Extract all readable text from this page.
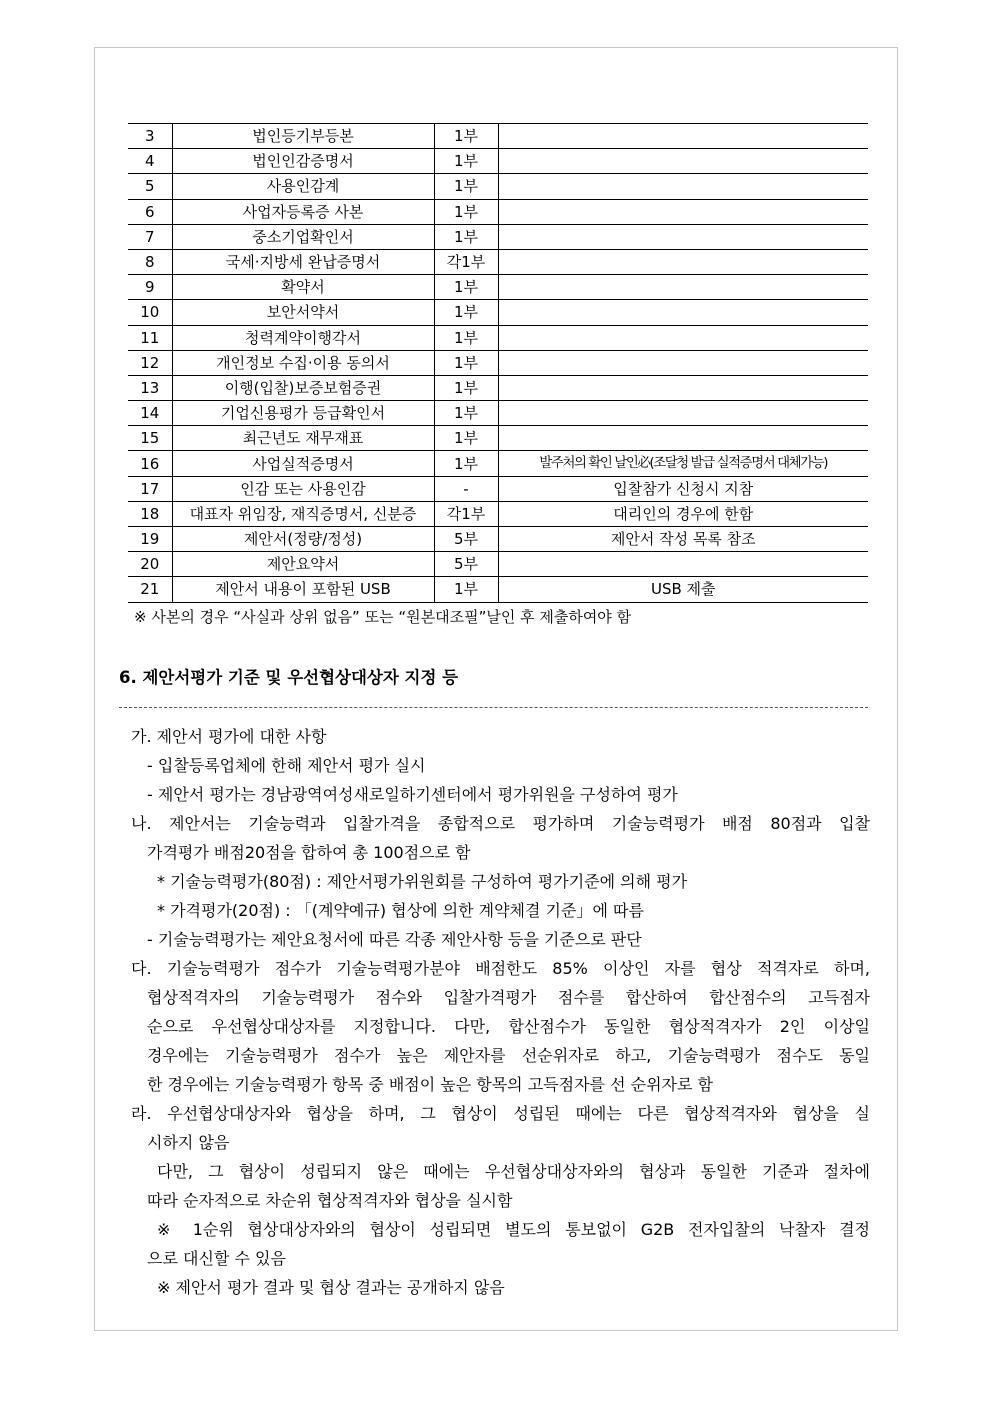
3	법인등기부등본	1부	
4	법인인감증명서	1부	
5	사용인감계	1부	
6	사업자등록증 사본	1부	
7	중소기업확인서	1부	
8	국세·지방세 완납증명서	각1부	
9	확약서	1부	
10	보안서약서	1부	
11	청력계약이행각서	1부	
12	개인정보 수집·이용 동의서	1부	
13	이행(입찰)보증보험증권	1부	
14	기업신용평가 등급확인서	1부	
15	최근년도 재무재표	1부	
16	사업실적증명서	1부	발주처의 확인 날인必(조달청 발급 실적증명서 대체가능)
17	인감 또는 사용인감	-	입찰참가 신청시 지참
18	대표자 위임장, 재직증명서, 신분증	각1부	대리인의 경우에 한함
19	제안서(정량/정성)	5부	제안서 작성 목록 참조
20	제안요약서	5부	
21	제안서 내용이 포함된 USB	1부	USB 제출
※ 사본의 경우 “사실과 상위 없음” 또는 “원본대조필”날인 후 제출하여야 함
6. 제안서평가 기준 및 우선협상대상자 지정 등
가. 제안서 평가에 대한 사항
- 입찰등록업체에 한해 제안서 평가 실시
- 제안서 평가는 경남광역여성새로일하기센터에서 평가위원을 구성하여 평가
나. 제안서는 기술능력과 입찰가격을 종합적으로 평가하며 기술능력평가 배점 80점과 입찰
가격평가 배점20점을 합하여 총 100점으로 함
* 기술능력평가(80점) : 제안서평가위원회를 구성하여 평가기준에 의해 평가
* 가격평가(20점) : 「(계약예규) 협상에 의한 계약체결 기준」에 따름
- 기술능력평가는 제안요청서에 따른 각종 제안사항 등을 기준으로 판단
다. 기술능력평가 점수가 기술능력평가분야 배점한도 85% 이상인 자를 협상 적격자로 하며,
협상적격자의 기술능력평가 점수와 입찰가격평가 점수를 합산하여 합산점수의 고득점자
순으로 우선협상대상자를 지정합니다. 다만, 합산점수가 동일한 협상적격자가 2인 이상일
경우에는 기술능력평가 점수가 높은 제안자를 선순위자로 하고, 기술능력평가 점수도 동일
한 경우에는 기술능력평가 항목 중 배점이 높은 항목의 고득점자를 선 순위자로 함
라. 우선협상대상자와 협상을 하며, 그 협상이 성립된 때에는 다른 협상적격자와 협상을 실
시하지 않음
다만, 그 협상이 성립되지 않은 때에는 우선협상대상자와의 협상과 동일한 기준과 절차에
따라 순자적으로 차순위 협상적격자와 협상을 실시함
※ 1순위 협상대상자와의 협상이 성립되면 별도의 통보없이 G2B 전자입찰의 낙찰자 결정
으로 대신할 수 있음
※ 제안서 평가 결과 및 협상 결과는 공개하지 않음
